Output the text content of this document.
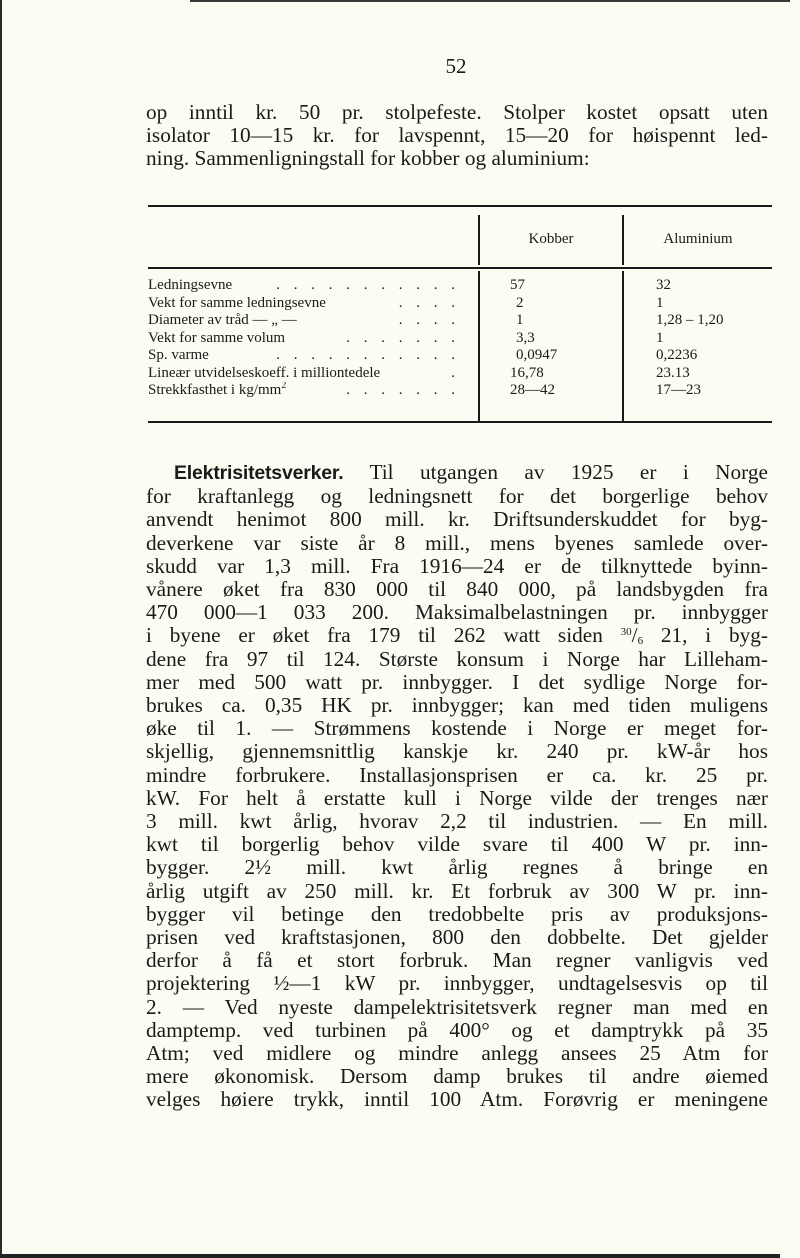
52
op inntil kr. 50 pr. stolpefeste. Stolper kostet opsatt uten
isolator 10—15 kr. for lavspennt, 15—20 for høispennt led-
ning. Sammenligningstall for kobber og aluminium:
Kobber	Aluminium
Ledningsevne	. . . . . . . . . . .	57	32
Vekt for samme ledningsevne	. . . .	2	1
Diameter av tråd — „ —	. . . .	1	1,28 – 1,20
Vekt for samme volum	. . . . . . .	3,3	1
Sp. varme	. . . . . . . . . . .	0,0947	0,2236
Lineær utvidelseskoeff. i milliontedele	.	16,78	23.13
Strekkfasthet i $kg/mm^2$	. . . . . . .	28—42	17—23
Elektrisitetsverker. Til utgangen av 1925 er i Norge
for kraftanlegg og ledningsnett for det borgerlige behov
anvendt henimot 800 mill. kr. Driftsunderskuddet for byg-
deverkene var siste år 8 mill., mens byenes samlede over-
skudd var 1,3 mill. Fra 1916—24 er de tilknyttede byinn-
vånere øket fra 830 000 til 840 000, på landsbygden fra
470 000—1 033 200. Maksimalbelastningen pr. innbygger
i byene er øket fra 179 til 262 watt siden $^{30}$/6 21, i byg-
dene fra 97 til 124. Største konsum i Norge har Lilleham-
mer med 500 watt pr. innbygger. I det sydlige Norge for-
brukes ca. 0,35 HK pr. innbygger; kan med tiden muligens
øke til 1. — Strømmens kostende i Norge er meget for-
skjellig, gjennemsnittlig kanskje kr. 240 pr. kW-år hos
mindre forbrukere. Installasjonsprisen er ca. kr. 25 pr.
kW. For helt å erstatte kull i Norge vilde der trenges nær
3 mill. kwt årlig, hvorav 2,2 til industrien. — En mill.
kwt til borgerlig behov vilde svare til 400 W pr. inn-
bygger. 2½ mill. kwt årlig regnes å bringe en
årlig utgift av 250 mill. kr. Et forbruk av 300 W pr. inn-
bygger vil betinge den tredobbelte pris av produksjons-
prisen ved kraftstasjonen, 800 den dobbelte. Det gjelder
derfor å få et stort forbruk. Man regner vanligvis ved
projektering ½—1 kW pr. innbygger, undtagelsesvis op til
2. — Ved nyeste dampelektrisitetsverk regner man med en
damptemp. ved turbinen på 400° og et damptrykk på 35
Atm; ved midlere og mindre anlegg ansees 25 Atm for
mere økonomisk. Dersom damp brukes til andre øiemed
velges høiere trykk, inntil 100 Atm. Forøvrig er meningene
